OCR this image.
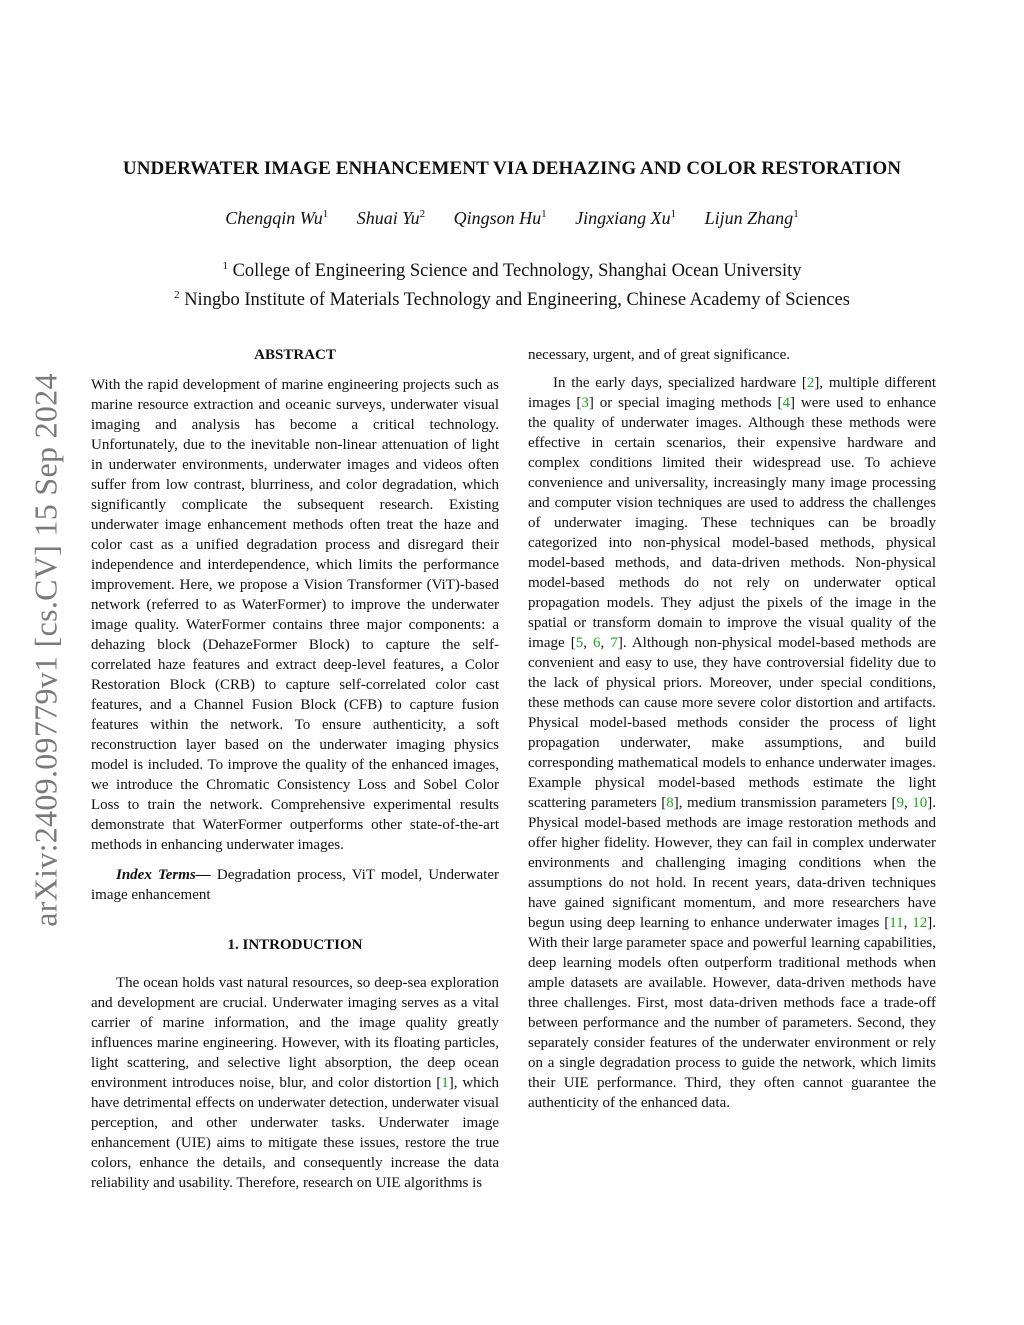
arXiv:2409.09779v1 [cs.CV] 15 Sep 2024
UNDERWATER IMAGE ENHANCEMENT VIA DEHAZING AND COLOR RESTORATION
Chengqin Wu$^1$ Shuai Yu$^2$ Qingson Hu$^1$ Jingxiang Xu$^1$ Lijun Zhang$^1$
$^1$ College of Engineering Science and Technology, Shanghai Ocean University
$^2$ Ningbo Institute of Materials Technology and Engineering, Chinese Academy of Sciences
ABSTRACT

With the rapid development of marine engineering projects such as marine resource extraction and oceanic surveys, underwater visual imaging and analysis has become a critical technology. Unfortunately, due to the inevitable non-linear attenuation of light in underwater environments, underwater images and videos often suffer from low contrast, blurriness, and color degradation, which significantly complicate the subsequent research. Existing underwater image enhancement methods often treat the haze and color cast as a unified degradation process and disregard their independence and interdependence, which limits the performance improvement. Here, we propose a Vision Transformer (ViT)-based network (referred to as WaterFormer) to improve the underwater image quality. WaterFormer contains three major components: a dehazing block (DehazeFormer Block) to capture the self-correlated haze features and extract deep-level features, a Color Restoration Block (CRB) to capture self-correlated color cast features, and a Channel Fusion Block (CFB) to capture fusion features within the network. To ensure authenticity, a soft reconstruction layer based on the underwater imaging physics model is included. To improve the quality of the enhanced images, we introduce the Chromatic Consistency Loss and Sobel Color Loss to train the network. Comprehensive experimental results demonstrate that WaterFormer outperforms other state-of-the-art methods in enhancing underwater images.

Index Terms— Degradation process, ViT model, Underwater image enhancement

1. INTRODUCTION

The ocean holds vast natural resources, so deep-sea exploration and development are crucial. Underwater imaging serves as a vital carrier of marine information, and the image quality greatly influences marine engineering. However, with its floating particles, light scattering, and selective light absorption, the deep ocean environment introduces noise, blur, and color distortion [1], which have detrimental effects on underwater detection, underwater visual perception, and other underwater tasks. Underwater image enhancement (UIE) aims to mitigate these issues, restore the true colors, enhance the details, and consequently increase the data reliability and usability. Therefore, research on UIE algorithms is

necessary, urgent, and of great significance.

In the early days, specialized hardware [2], multiple different images [3] or special imaging methods [4] were used to enhance the quality of underwater images. Although these methods were effective in certain scenarios, their expensive hardware and complex conditions limited their widespread use. To achieve convenience and universality, increasingly many image processing and computer vision techniques are used to address the challenges of underwater imaging. These techniques can be broadly categorized into non-physical model-based methods, physical model-based methods, and data-driven methods. Non-physical model-based methods do not rely on underwater optical propagation models. They adjust the pixels of the image in the spatial or transform domain to improve the visual quality of the image [5, 6, 7]. Although non-physical model-based methods are convenient and easy to use, they have controversial fidelity due to the lack of physical priors. Moreover, under special conditions, these methods can cause more severe color distortion and artifacts. Physical model-based methods consider the process of light propagation underwater, make assumptions, and build corresponding mathematical models to enhance underwater images. Example physical model-based methods estimate the light scattering parameters [8], medium transmission parameters [9, 10]. Physical model-based methods are image restoration methods and offer higher fidelity. However, they can fail in complex underwater environments and challenging imaging conditions when the assumptions do not hold. In recent years, data-driven techniques have gained significant momentum, and more researchers have begun using deep learning to enhance underwater images [11, 12]. With their large parameter space and powerful learning capabilities, deep learning models often outperform traditional methods when ample datasets are available. However, data-driven methods have three challenges. First, most data-driven methods face a trade-off between performance and the number of parameters. Second, they separately consider features of the underwater environment or rely on a single degradation process to guide the network, which limits their UIE performance. Third, they often cannot guarantee the authenticity of the enhanced data.
